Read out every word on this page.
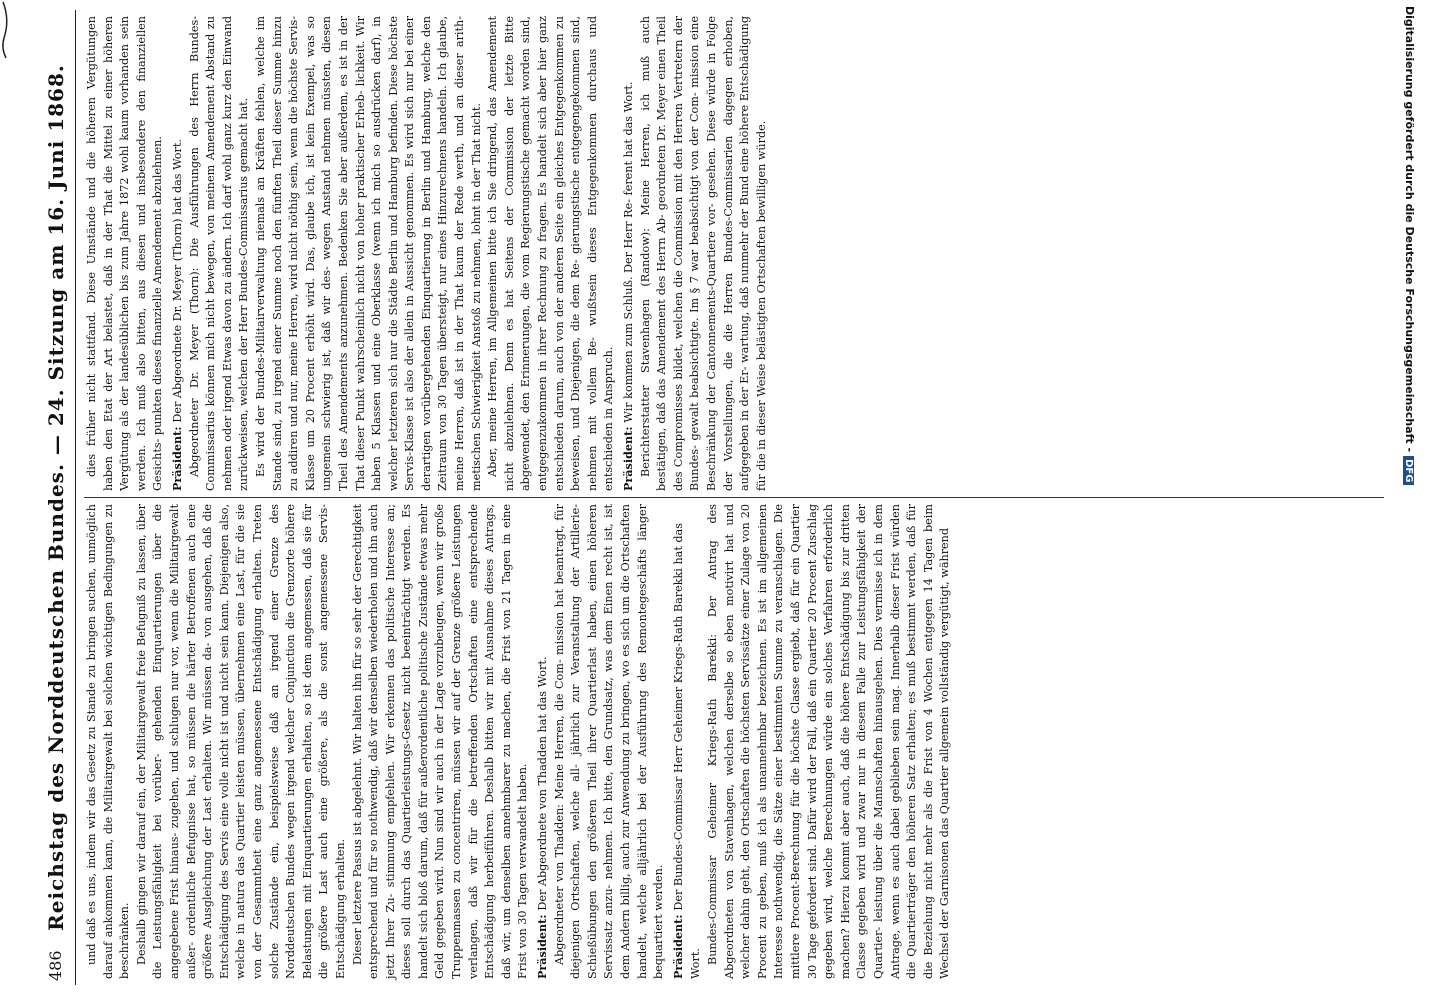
486
Reichstag des Norddeutschen Bundes. — 24. Sitzung am 16. Juni 1868. und daß es uns, indem wir das Gesetz zu Stande zu bringen suchen, unmöglich darauf ankommen kann, die Militairgewalt bei solchen wichtigen Bedingungen zu beschränken. Deshalb gingen wir darauf ein, der Militairgewalt freie Befugniß zu lassen, über die Leistungsfähigkeit bei vorüber- gehenden Einquartierungen über die angegebene Frist hinaus- zugehen, und schlugen nur vor, wenn die Militairgewalt außer- ordentliche Befugnisse hat, so müssen die härter Betroffenen auch eine größere Ausgleichung der Last erhalten. Wir müssen da- von ausgehen, daß die Entschädigung des Servis eine volle nicht ist und nicht sein kann. Diejenigen also, welche in natura das Quartier leisten müssen, übernehmen eine Last, für die sie von der Gesammtheit eine ganz angemessene Entschädigung erhalten. Treten solche Zustände ein, beispielsweise daß an irgend einer Grenze des Norddeutschen Bundes wegen irgend welcher Conjunction die Grenzorte höhere Belastungen mit Einquartierungen erhalten, so ist dem angemessen, daß sie für die größere Last auch eine größere, als die sonst angemessene Servis-Entschädigung erhalten. Dieser letztere Passus ist abgelehnt. Wir halten ihn für so sehr der Gerechtigkeit entsprechend und für so nothwendig, daß wir denselben wiederholen und ihn auch jetzt Ihrer Zu- stimmung empfehlen. Wir erkennen das politische Interesse an; dieses soll durch das Quartierleistungs-Gesetz nicht beeinträchtigt werden. Es handelt sich bloß darum, daß für außerordentliche politische Zustände etwas mehr Geld gegeben wird. Nun sind wir auch in der Lage vorzubeugen, wenn wir große Truppenmassen zu concentriren, müssen wir auf der Grenze größere Leistungen verlangen, daß wir für die betreffenden Ortschaften eine entsprechende Entschädigung herbeiführen. Deshalb bitten wir mit Ausnahme dieses Antrags, daß wir, um denselben annehmbarer zu machen, die Frist von 21 Tagen in eine Frist von 30 Tagen verwandelt haben. Präsident: Der Abgeordnete von Thadden hat das Wort. Abgeordneter von Thadden: Meine Herren, die Com- mission hat beantragt, für diejenigen Ortschaften, welche all- jährlich zur Veranstaltung der Artillerie-Schießübungen den größeren Theil ihrer Quartierlast haben, einen höheren Servissatz anzu- nehmen. Ich bitte, den Grundsatz, was dem Einen recht ist, ist dem Andern billig, auch zur Anwendung zu bringen, wo es sich um die Ortschaften handelt, welche alljährlich bei der Ausführung des Remontegeschäfts länger bequartiert werden. Präsident: Der Bundes-Commissar Herr Geheimer Kriegs-Rath Barekki hat das Wort. Bundes-Commissar Geheimer Kriegs-Rath Barekki: Der Antrag des Abgeordneten von Stavenhagen, welchen derselbe so eben motivirt hat und welcher dahin geht, den Ortschaften die höchsten Servissätze einer Zulage von 20 Procent zu geben, muß ich als unannehmbar bezeichnen. Es ist im allgemeinen Interesse nothwendig, die Sätze einer bestimmten Summe zu veranschlagen. Die mittlere Procent-Berechnung für die höchste Classe ergiebt, daß für ein Quartier 30 Tage gefordert sind. Dafür wird der Fall, daß ein Quartier 20 Procent Zuschlag gegeben wird, welche Berechnungen würde ein solches Verfahren erforderlich machen? Hierzu kommt aber auch, daß die höhere Entschädigung bis zur dritten Classe gegeben wird und zwar nur in diesem Falle zur Leistungsfähigkeit der Quartier- leistung über die Mannschaften hinausgehen. Dies vermisse ich in dem Antrage, wenn es auch dabei geblieben sein mag. Innerhalb dieser Frist würden die Quartierträger den höheren Satz erhalten; es muß bestimmt werden, daß für die Beziehung nicht mehr als die Frist von 4 Wochen entgegen 14 Tagen beim Wechsel der Garnisonen das Quartier allgemein vollständig vergütigt, während

dies früher nicht stattfand. Diese Umstände und die höheren Vergütungen haben den Etat der Art belastet, daß in der That die Mittel zu einer höheren Vergütung als der landesüblichen bis zum Jahre 1872 wohl kaum vorhanden sein werden. Ich muß also bitten, aus diesen und insbesondere den finanziellen Gesichts- punkten dieses finanzielle Amendement abzulehnen. Präsident: Der Abgeordnete Dr. Meyer (Thorn) hat das Wort. Abgeordneter Dr. Meyer (Thorn): Die Ausführungen des Herrn Bundes-Commissarius können mich nicht bewegen, von meinem Amendement Abstand zu nehmen oder irgend Etwas davon zu ändern. Ich darf wohl ganz kurz den Einwand zurückweisen, welchen der Herr Bundes-Commissarius gemacht hat. Es wird der Bundes-Militairverwaltung niemals an Kräften fehlen, welche im Stande sind, zu irgend einer Summe noch den fünften Theil dieser Summe hinzu zu addiren und nur, meine Herren, wird nicht nöthig sein, wenn die höchste Servis-Klasse um 20 Procent erhöht wird. Das, glaube ich, ist kein Exempel, was so ungemein schwierig ist, daß wir des- wegen Anstand nehmen müssten, diesen Theil des Amendements anzunehmen. Bedenken Sie aber außerdem, es ist in der That dieser Punkt wahrscheinlich nicht von hoher praktischer Erheb- lichkeit. Wir haben 5 Klassen und eine Oberklasse (wenn ich mich so ausdrücken darf), in welcher letzteren sich nur die Städte Berlin und Hamburg befinden. Diese höchste Servis-Klasse ist also der allein in Aussicht genommen. Es wird sich nur bei einer derartigen vorübergehenden Einquartierung in Berlin und Hamburg, welche den Zeitraum von 30 Tagen übersteigt, nur eines Hinzurechnens handeln. Ich glaube, meine Herren, daß ist in der That kaum der Rede werth, und an dieser arith- metischen Schwierigkeit Anstoß zu nehmen, lohnt in der That nicht. Aber, meine Herren, im Allgemeinen bitte ich Sie dringend, das Amendement nicht abzulehnen. Denn es hat Seitens der Commission der letzte Bitte abgewendet, den Erinnerungen, die vom Regierungstische gemacht worden sind, entgegenzukommen in ihrer Rechnung zu fragen. Es handelt sich aber hier ganz entschieden darum, auch von der anderen Seite ein gleiches Entgegenkommen zu beweisen, und Diejenigen, die dem Re- gierungstische entgegengekommen sind, nehmen mit vollem Be- wußtsein dieses Entgegenkommen durchaus und entschieden in Anspruch. Präsident: Wir kommen zum Schluß. Der Herr Re- ferent hat das Wort. Berichterstatter Stavenhagen (Randow): Meine Herren, ich muß auch bestätigen, daß das Amendement des Herrn Ab- geordneten Dr. Meyer einen Theil des Compromisses bildet, welchen die Commission mit den Herren Vertretern der Bundes- gewalt beabsichtigte. Im § 7 war beabsichtigt von der Com- mission eine Beschränkung der Cantonnements-Quartiere vor- gesehen. Diese würde in Folge der Vorstellungen, die die Herren Bundes-Commissarien dagegen erhoben, aufgegeben in der Er- wartung, daß nunmehr der Bund eine höhere Entschädigung für die in dieser Weise belästigten Ortschaften bewilligen würde.	Digitalisierung gefördert durch die Deutsche Forschungsgemeinschaft -DFG
